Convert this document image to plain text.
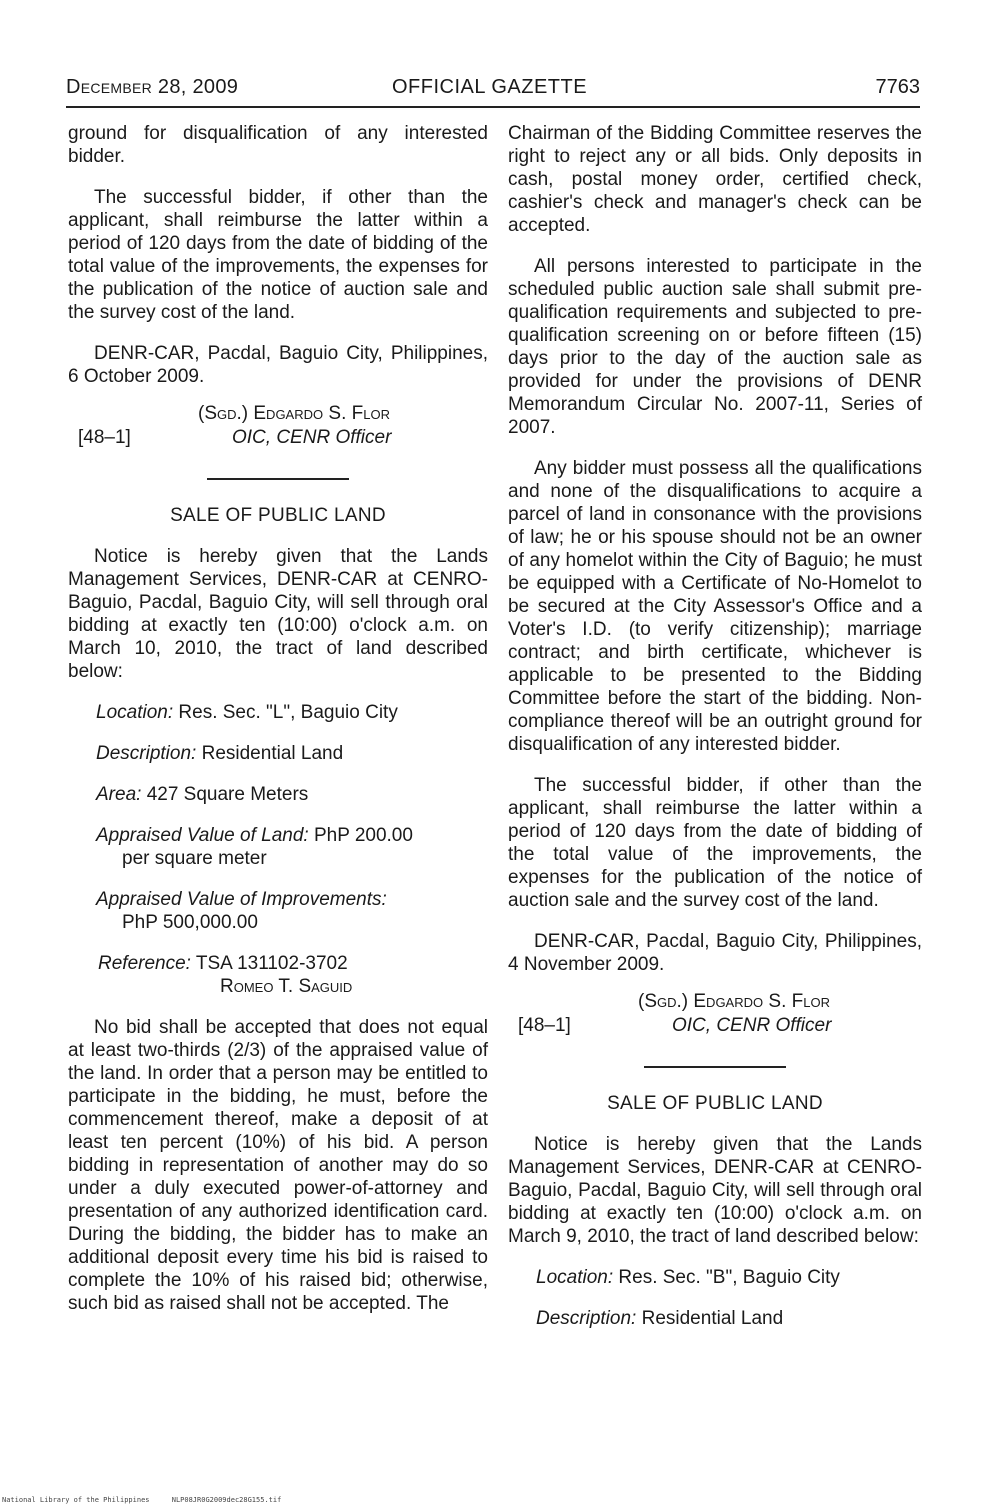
December 28, 2009	OFFICIAL GAZETTE	7763

ground for disqualification of any interested bidder.

The successful bidder, if other than the applicant, shall reimburse the latter within a period of 120 days from the date of bidding of the total value of the improvements, the expenses for the publication of the notice of auction sale and the survey cost of the land.

DENR-CAR, Pacdal, Baguio City, Philippines, 6 October 2009.

(Sgd.) Edgardo S. Flor
[48–1]	OIC, CENR Officer
SALE OF PUBLIC LAND

Notice is hereby given that the Lands Management Services, DENR-CAR at CENRO-Baguio, Pacdal, Baguio City, will sell through oral bidding at exactly ten (10:00) o'clock a.m. on March 10, 2010, the tract of land described below:

Location: Res. Sec. "L", Baguio City
Description: Residential Land
Area: 427 Square Meters
Appraised Value of Land: PhP 200.00
per square meter
Appraised Value of Improvements:
PhP 500,000.00
Reference: TSA 131102-3702
Romeo T. Saguid

No bid shall be accepted that does not equal at least two-thirds (2/3) of the appraised value of the land. In order that a person may be entitled to participate in the bidding, he must, before the commencement thereof, make a deposit of at least ten percent (10%) of his bid. A person bidding in representation of another may do so under a duly executed power-of-attorney and presentation of any authorized identification card. During the bidding, the bidder has to make an additional deposit every time his bid is raised to complete the 10% of his raised bid; otherwise, such bid as raised shall not be accepted. The

Chairman of the Bidding Committee reserves the right to reject any or all bids. Only deposits in cash, postal money order, certified check, cashier's check and manager's check can be accepted.

All persons interested to participate in the scheduled public auction sale shall submit pre-qualification requirements and subjected to pre-qualification screening on or before fifteen (15) days prior to the day of the auction sale as provided for under the provisions of DENR Memorandum Circular No. 2007-11, Series of 2007.

Any bidder must possess all the qualifications and none of the disqualifications to acquire a parcel of land in consonance with the provisions of law; he or his spouse should not be an owner of any homelot within the City of Baguio; he must be equipped with a Certificate of No-Homelot to be secured at the City Assessor's Office and a Voter's I.D. (to verify citizenship); marriage contract; and birth certificate, whichever is applicable to be presented to the Bidding Committee before the start of the bidding. Non-compliance thereof will be an outright ground for disqualification of any interested bidder.

The successful bidder, if other than the applicant, shall reimburse the latter within a period of 120 days from the date of bidding of the total value of the improvements, the expenses for the publication of the notice of auction sale and the survey cost of the land.

DENR-CAR, Pacdal, Baguio City, Philippines, 4 November 2009.

(Sgd.) Edgardo S. Flor
[48–1]	OIC, CENR Officer
SALE OF PUBLIC LAND

Notice is hereby given that the Lands Management Services, DENR-CAR at CENRO-Baguio, Pacdal, Baguio City, will sell through oral bidding at exactly ten (10:00) o'clock a.m. on March 9, 2010, the tract of land described below:

Location: Res. Sec. "B", Baguio City
Description: Residential Land
National Library of the Philippines	NLP08JR0G2009dec28G155.tif
